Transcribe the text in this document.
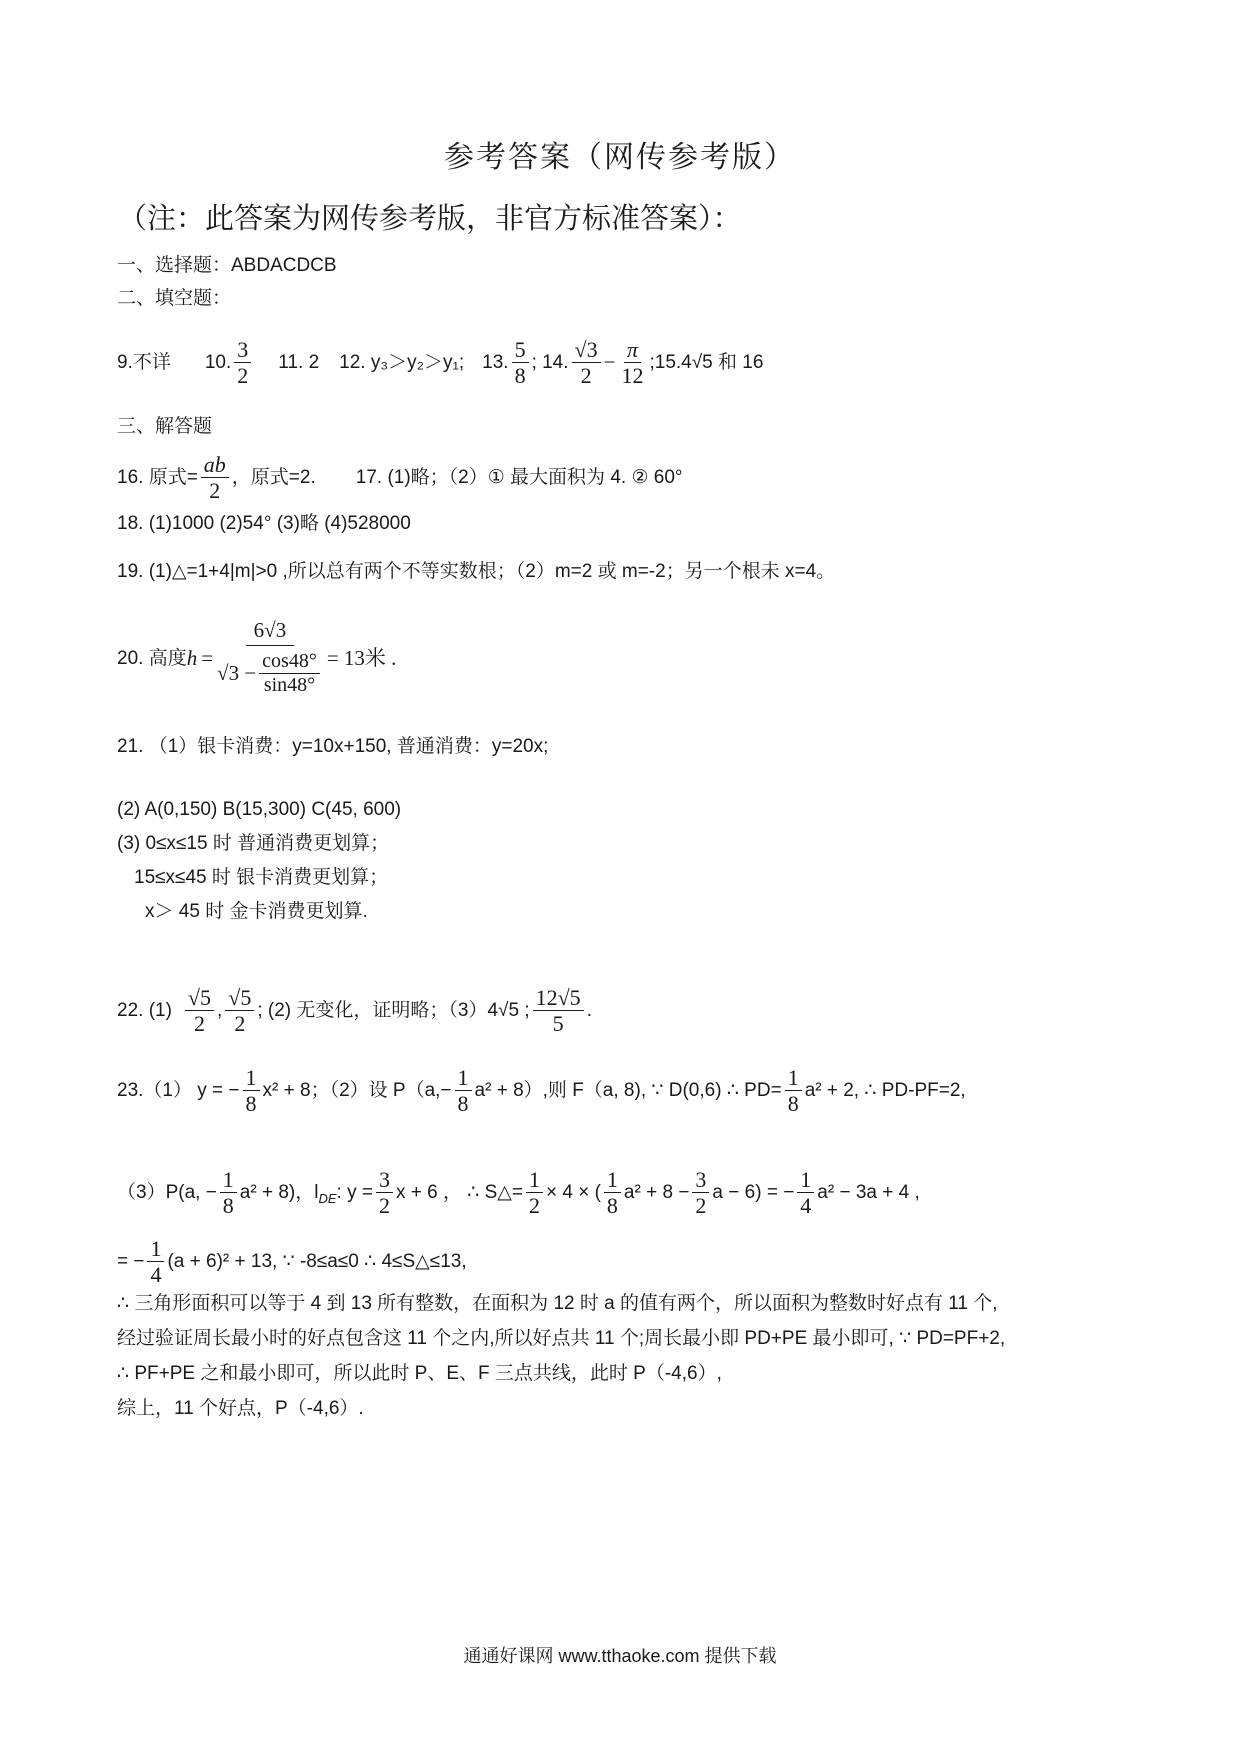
参考答案（网传参考版）
（注：此答案为网传参考版，非官方标准答案）：
一、选择题：ABDACDCB
二、填空题：
9.不详 10. $\frac{3}{2} 11$. 2 12. y₃＞y₂＞y₁; 13. $\frac{5}{8}$ ; 14. $\frac{√3}{2} - \frac{\pi}{12}$ ;15.4√5 和 16
三、解答题
16. 原式= $\frac{ab}{2}$ ，原式=2. 17. (1)略；（2）① 最大面积为 4. ② 60°
18. (1)1000 (2)54° (3)略 (4)528000
19. (1)△=1+4|m|>0 ,所以总有两个不等实数根；（2）m=2 或 m=-2；另一个根未 x=4。
20. 高度 $h = \frac{6√3}{√3 - \frac{\cos 48^\circ}{\sin 48^\circ}} = 13$米 .
21. （1）银卡消费：y=10x+150, 普通消费：y=20x;
(2) A(0,150) B(15,300) C(45, 600)
(3) 0≤x≤15 时 普通消费更划算；
15≤x≤45 时 银卡消费更划算；
x＞ 45 时 金卡消费更划算.
22. $(1) \frac{√5}{2}$ , $\frac{√5}{2}$ ; (2) 无变化，证明略；（3）4√5 ; $\frac{12√5}{5}$ .
23.（1） y = − $\frac{1}{8} x^2 + 8$；（2）设 $P(a,- \frac{1}{8} a^2 + 8)$,则 F（a, 8), ∵ D(0,6) ∴ $PD= \frac{1}{8} a^2 + 2$, ∴ PD-PF=2,
（3）P(a, − $\frac{1}{8} a^2 + 8$)，$l_{DE}$ : $y = \frac{3}{2}$ x + 6 ， ∴ S△= $\frac{1}{2} \times 4$ × ( $\frac{1}{8} a^2 + 8 - \frac{3}{2}$ a − 6) = − $\frac{1}{4} a^2 - 3a + 4$ ,
= − $\frac{1}{4} (a + 6)^2 + 13$, ∵ -8≤a≤0 ∴ 4≤S△≤13,
∴ 三角形面积可以等于 4 到 13 所有整数，在面积为 12 时 a 的值有两个，所以面积为整数时好点有 11 个,
经过验证周长最小时的好点包含这 11 个之内,所以好点共 11 个;周长最小即 PD+PE 最小即可, ∵ PD=PF+2,
∴ PF+PE 之和最小即可，所以此时 P、E、F 三点共线，此时 P（-4,6）,
综上，11 个好点，P（-4,6）.
通通好课网 www.tthaoke.com 提供下载
